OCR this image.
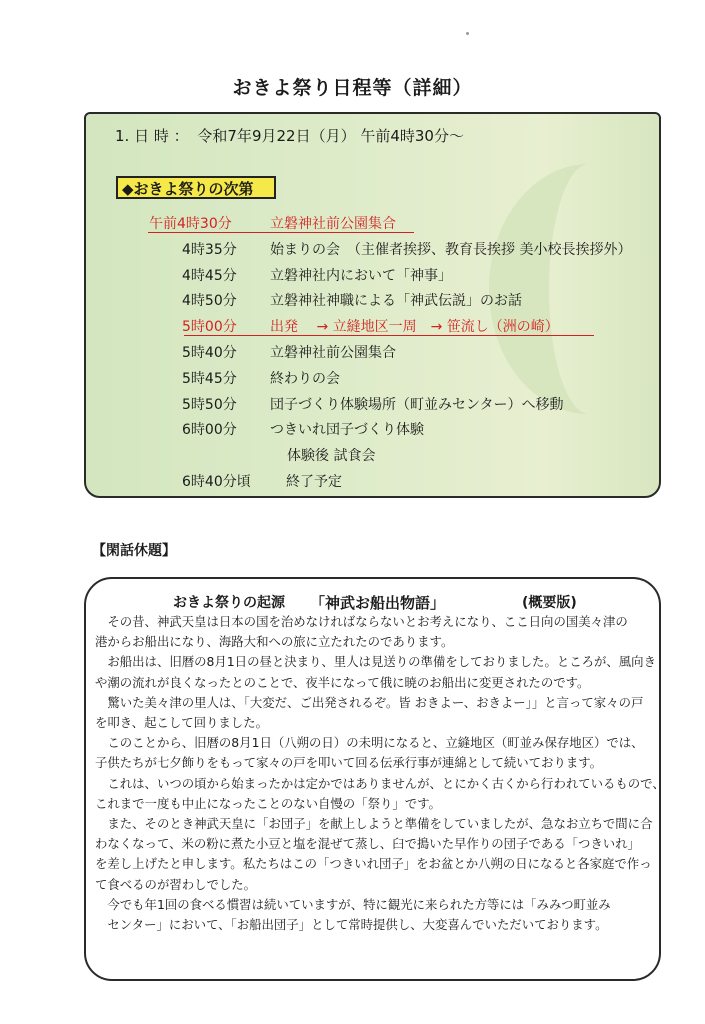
おきよ祭り日程等（詳細）
1. 日 時 ： 令和7年9月22日（月） 午前4時30分～
◆おきよ祭りの次第
午前4時30分	立磐神社前公園集合
4時35分 始まりの会　（主催者挨拶、教育長挨拶 美小校長挨拶外）
4時45分 立磐神社内において「神事」
4時50分 立磐神社神職による「神武伝説」のお話
5時00分 出発　 → 立縫地区一周　→ 笹流し（洲の崎）
5時40分 立磐神社前公園集合
5時45分 終わりの会
5時50分 団子づくり体験場所（町並みセンター）へ移動
6時00分 つきいれ団子づくり体験
体験後 試食会
6時40分頃	終了予定
【閑話休題】
おきよ祭りの起源 「神武お船出物語」	(概要版)
　その昔、神武天皇は日本の国を治めなければならないとお考えになり、ここ日向の国美々津の
港からお船出になり、海路大和への旅に立たれたのであります。
　お船出は、旧暦の8月1日の昼と決まり、里人は見送りの準備をしておりました。ところが、風向き
や潮の流れが良くなったとのことで、夜半になって俄に暁のお船出に変更されたのです。
　驚いた美々津の里人は、「大変だ、ご出発されるぞ。皆 おきよー、おきよー」」と言って家々の戸
を叩き、起こして回りました。
　このことから、旧暦の8月1日（八朔の日）の未明になると、立縫地区（町並み保存地区）では、
子供たちが七夕飾りをもって家々の戸を叩いて回る伝承行事が連綿として続いております。
　これは、いつの頃から始まったかは定かではありませんが、とにかく古くから行われているもので、
これまで一度も中止になったことのない自慢の「祭り」です。
　また、そのとき神武天皇に「お団子」を献上しようと準備をしていましたが、急なお立ちで間に合
わなくなって、米の粉に煮た小豆と塩を混ぜて蒸し、臼で搗いた早作りの団子である「つきいれ」
を差し上げたと申します。私たちはこの「つきいれ団子」をお盆とか八朔の日になると各家庭で作っ
て食べるのが習わしでした。
　今でも年1回の食べる慣習は続いていますが、特に観光に来られた方等には「みみつ町並み
　センター」において、「お船出団子」として常時提供し、大変喜んでいただいております。
